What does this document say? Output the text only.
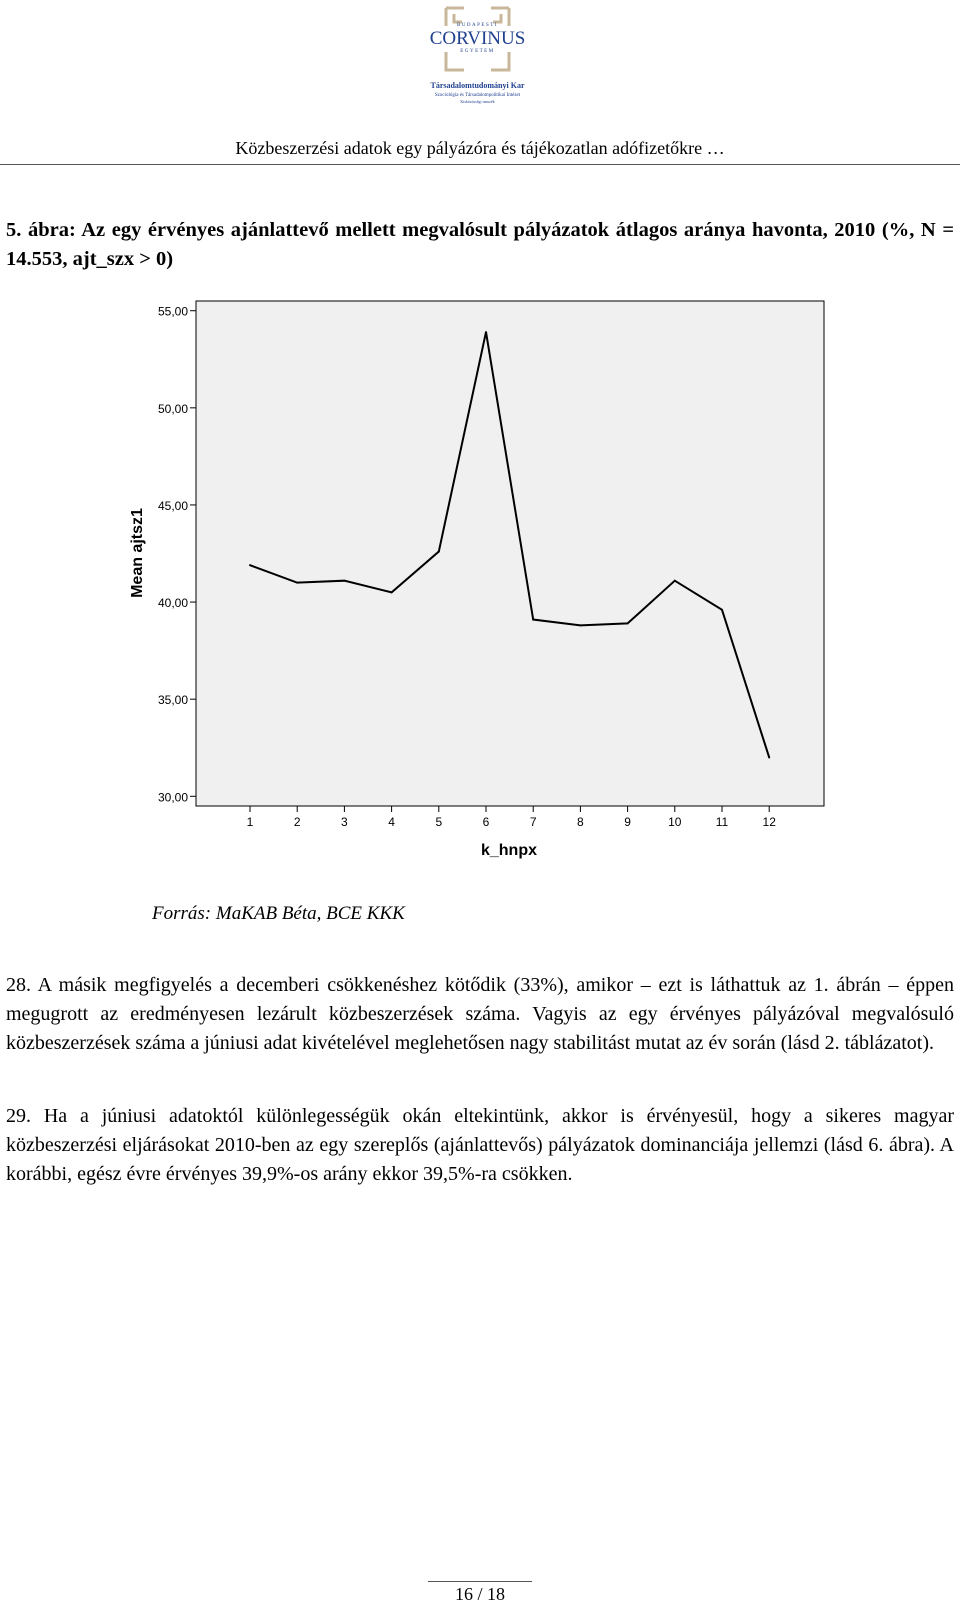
BUDAPESTI
CORVINUS
EGYETEM
Társadalomtudományi Kar
Szociológia és Társadalompolitikai Intézet
Kisközösségi tanszék
Közbeszerzési adatok egy pályázóra és tájékozatlan adófizetőkre …
5. ábra: Az egy érvényes ajánlattevő mellett megvalósult pályázatok átlagos aránya havonta, 2010 (%, N = 14.553, ajt_szx > 0)
30,00
35,00
40,00
45,00
50,00
55,00
1	2	3	4	5	6	7	8	9	10	11	12
k_hnpx
Mean ajtsz1
Forrás: MaKAB Béta, BCE KKK

28. A másik megfigyelés a decemberi csökkenéshez kötődik (33%), amikor – ezt is láthattuk az 1. ábrán – éppen megugrott az eredményesen lezárult közbeszerzések száma. Vagyis az egy érvényes pályázóval megvalósuló közbeszerzések száma a júniusi adat kivételével meglehetősen nagy stabilitást mutat az év során (lásd 2. táblázatot).

29. Ha a júniusi adatoktól különlegességük okán eltekintünk, akkor is érvényesül, hogy a sikeres magyar közbeszerzési eljárásokat 2010-ben az egy szereplős (ajánlattevős) pályázatok dominanciája jellemzi (lásd 6. ábra). A korábbi, egész évre érvényes 39,9%-os arány ekkor 39,5%-ra csökken.

16 / 18
